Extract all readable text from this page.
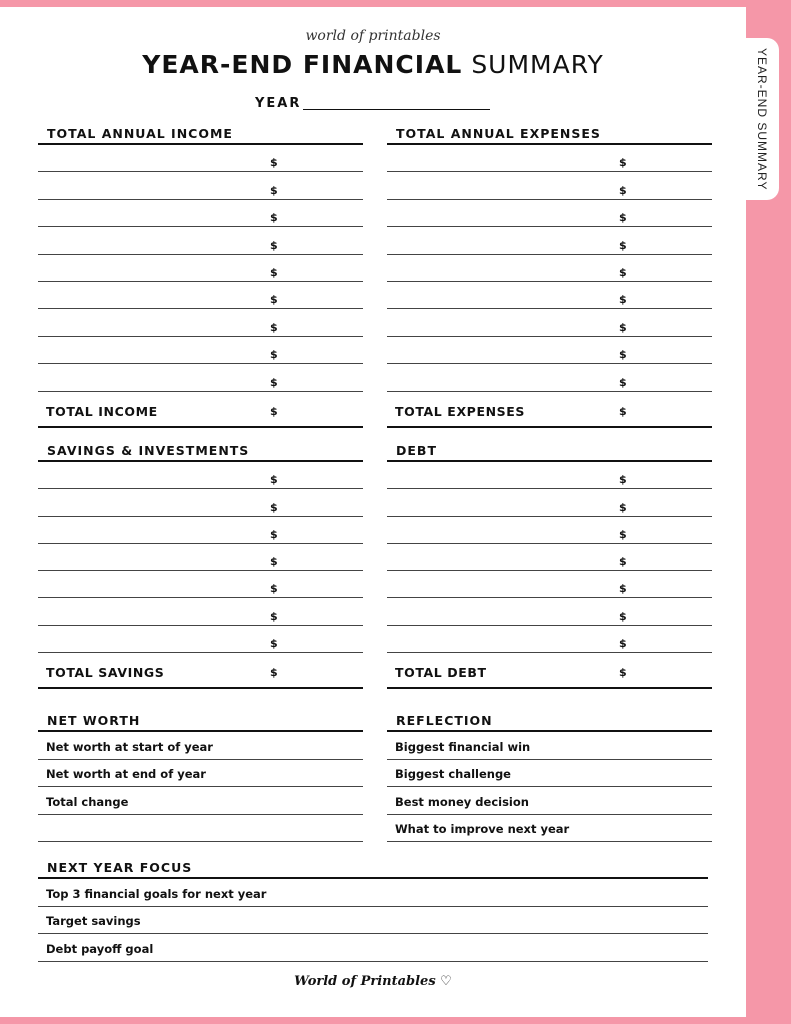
YEAR-END SUMMARY
world of printables
YEAR-END FINANCIAL SUMMARY
YEAR
TOTAL ANNUAL INCOME
$
$
$
$
$
$
$
$
$
TOTAL INCOME	$
TOTAL ANNUAL EXPENSES
$
$
$
$
$
$
$
$
$
TOTAL EXPENSES	$
SAVINGS & INVESTMENTS
$
$
$
$
$
$
$
TOTAL SAVINGS	$
DEBT
$
$
$
$
$
$
$
TOTAL DEBT	$
NET WORTH
Net worth at start of year
Net worth at end of year
Total change
REFLECTION
Biggest financial win
Biggest challenge
Best money decision
What to improve next year
NEXT YEAR FOCUS
Top 3 financial goals for next year
Target savings
Debt payoff goal
World of Printables ♡
